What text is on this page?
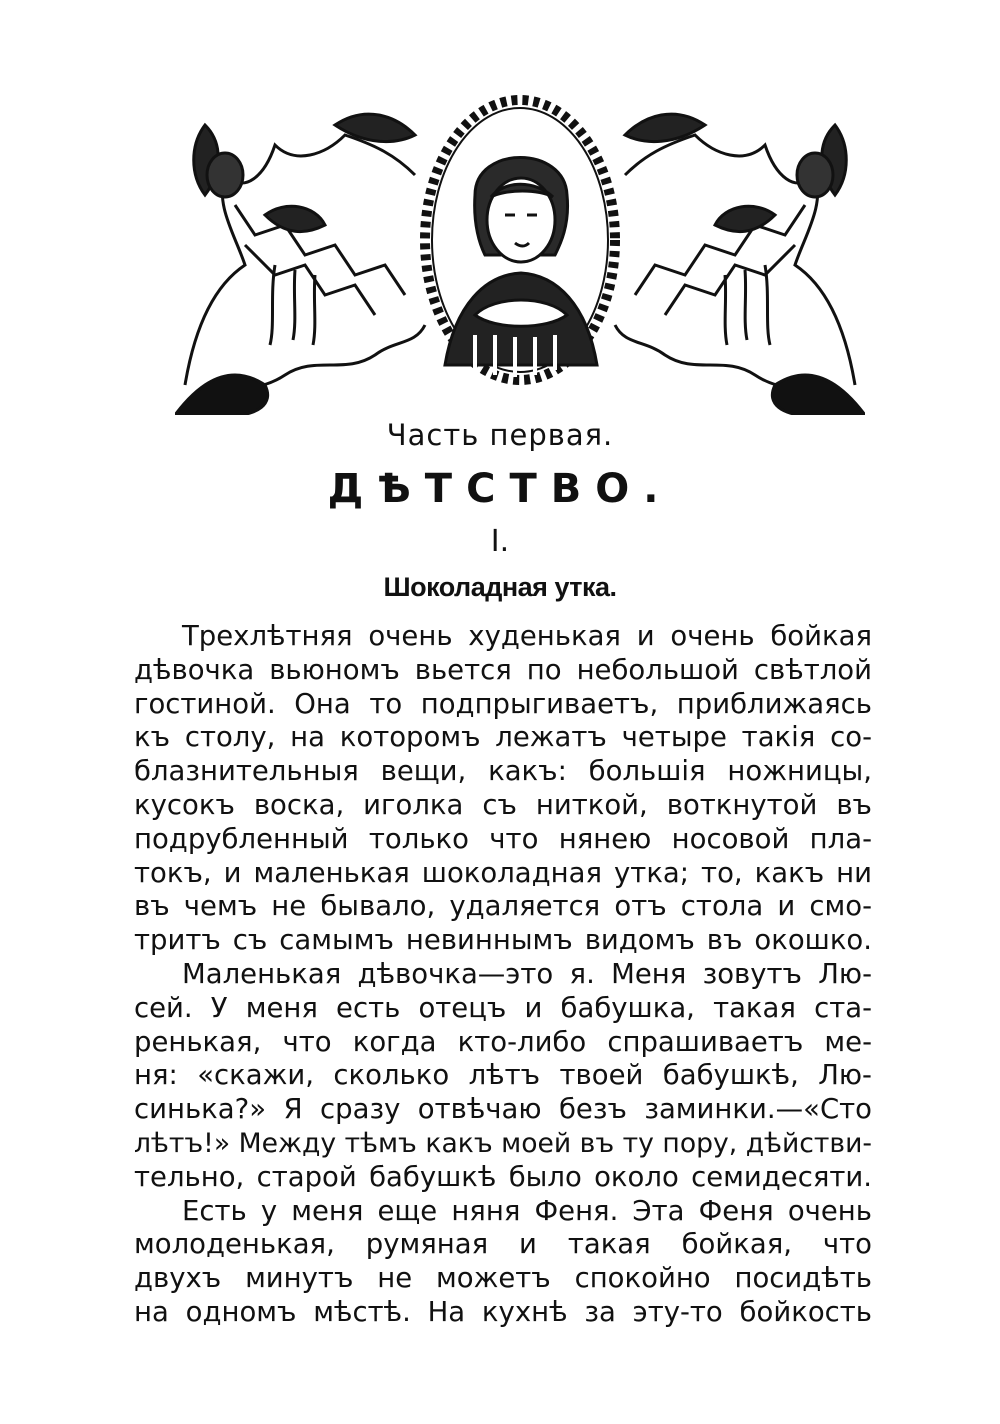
Часть первая.
ДѢТСТВО.
I.
Шоколадная утка.
Трехлѣтняя очень худенькая и очень бойкая
дѣвочка вьюномъ вьется по небольшой свѣтлой
гостиной. Она то подпрыгиваетъ, приближаясь
къ столу, на которомъ лежатъ четыре такія со-
блазнительныя вещи, какъ: большія ножницы,
кусокъ воска, иголка съ ниткой, воткнутой въ
подрубленный только что нянею носовой пла-
токъ, и маленькая шоколадная утка; то, какъ ни
въ чемъ не бывало, удаляется отъ стола и смо-
тритъ съ самымъ невиннымъ видомъ въ окошко.
Маленькая дѣвочка—это я. Меня зовутъ Лю-
сей. У меня есть отецъ и бабушка, такая ста-
ренькая, что когда кто-либо спрашиваетъ ме-
ня: «скажи, сколько лѣтъ твоей бабушкѣ, Лю-
синька?» Я сразу отвѣчаю безъ заминки.—«Сто
лѣтъ!» Между тѣмъ какъ моей въ ту пору, дѣйстви-
тельно, старой бабушкѣ было около семидесяти.
Есть у меня еще няня Феня. Эта Феня очень
молоденькая, румяная и такая бойкая, что
двухъ минутъ не можетъ спокойно посидѣть
на одномъ мѣстѣ. На кухнѣ за эту-то бойкость
